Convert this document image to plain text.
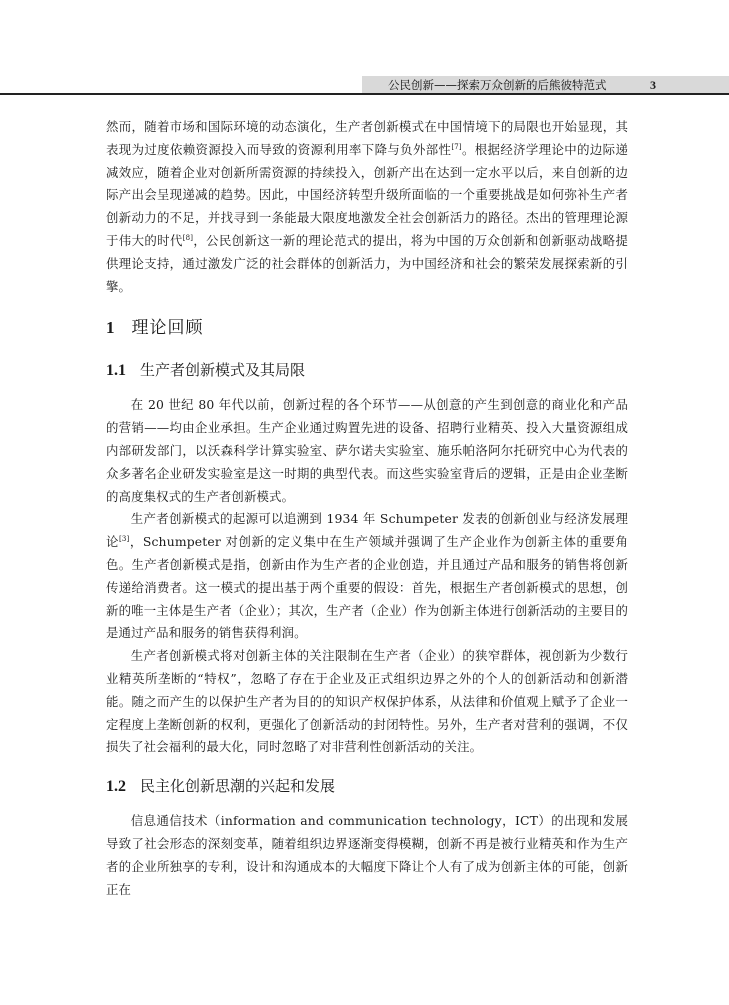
公民创新——探索万众创新的后熊彼特范式	3

然而，随着市场和国际环境的动态演化，生产者创新模式在中国情境下的局限也开始显现，其表现为过度依赖资源投入而导致的资源利用率下降与负外部性[7]。根据经济学理论中的边际递减效应，随着企业对创新所需资源的持续投入，创新产出在达到一定水平以后，来自创新的边际产出会呈现递减的趋势。因此，中国经济转型升级所面临的一个重要挑战是如何弥补生产者创新动力的不足，并找寻到一条能最大限度地激发全社会创新活力的路径。杰出的管理理论源于伟大的时代[8]，公民创新这一新的理论范式的提出，将为中国的万众创新和创新驱动战略提供理论支持，通过激发广泛的社会群体的创新活力，为中国经济和社会的繁荣发展探索新的引擎。

1 理论回顾
1.1 生产者创新模式及其局限

在 20 世纪 80 年代以前，创新过程的各个环节——从创意的产生到创意的商业化和产品的营销——均由企业承担。生产企业通过购置先进的设备、招聘行业精英、投入大量资源组成内部研发部门，以沃森科学计算实验室、萨尔诺夫实验室、施乐帕洛阿尔托研究中心为代表的众多著名企业研发实验室是这一时期的典型代表。而这些实验室背后的逻辑，正是由企业垄断的高度集权式的生产者创新模式。

生产者创新模式的起源可以追溯到 1934 年 Schumpeter 发表的创新创业与经济发展理论[3]，Schumpeter 对创新的定义集中在生产领域并强调了生产企业作为创新主体的重要角色。生产者创新模式是指，创新由作为生产者的企业创造，并且通过产品和服务的销售将创新传递给消费者。这一模式的提出基于两个重要的假设：首先，根据生产者创新模式的思想，创新的唯一主体是生产者（企业）；其次，生产者（企业）作为创新主体进行创新活动的主要目的是通过产品和服务的销售获得利润。

生产者创新模式将对创新主体的关注限制在生产者（企业）的狭窄群体，视创新为少数行业精英所垄断的“特权”，忽略了存在于企业及正式组织边界之外的个人的创新活动和创新潜能。随之而产生的以保护生产者为目的的知识产权保护体系，从法律和价值观上赋予了企业一定程度上垄断创新的权利，更强化了创新活动的封闭特性。另外，生产者对营利的强调，不仅损失了社会福利的最大化，同时忽略了对非营利性创新活动的关注。

1.2 民主化创新思潮的兴起和发展

信息通信技术（information and communication technology，ICT）的出现和发展导致了社会形态的深刻变革，随着组织边界逐渐变得模糊，创新不再是被行业精英和作为生产者的企业所独享的专利，设计和沟通成本的大幅度下降让个人有了成为创新主体的可能，创新正在
